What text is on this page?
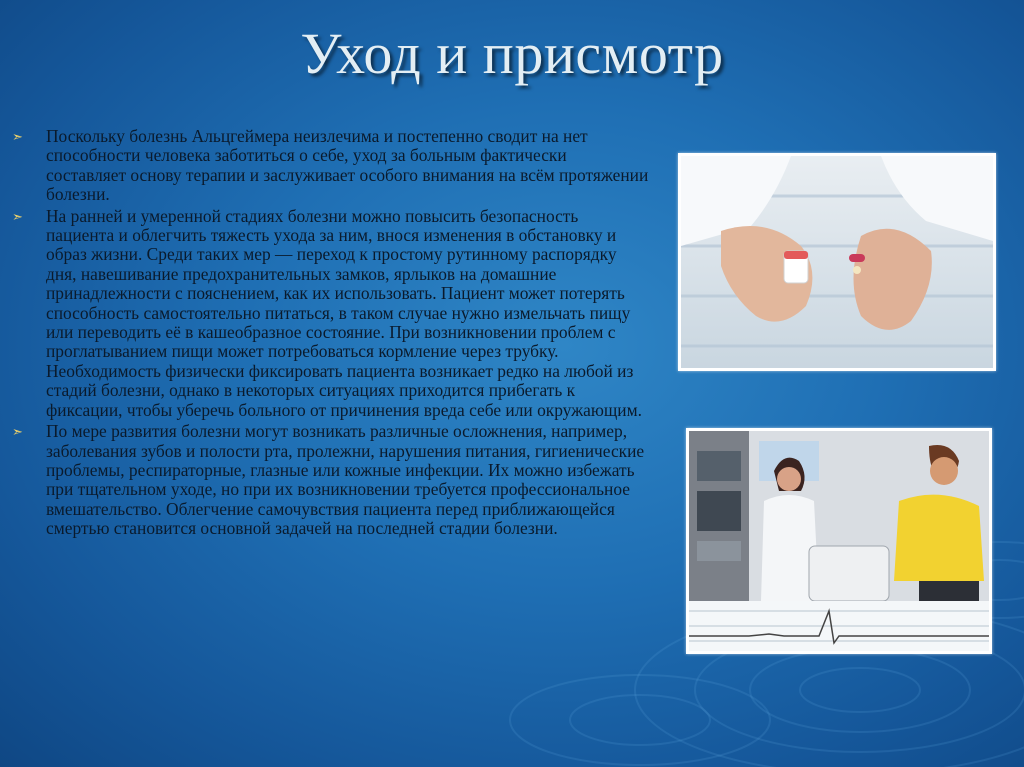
Уход и присмотр
➣ Поскольку болезнь Альцгеймера неизлечима и постепенно сводит на нет способности человека заботиться о себе, уход за больным фактически составляет основу терапии и заслуживает особого внимания на всём протяжении болезни.
➣ На ранней и умеренной стадиях болезни можно повысить безопасность пациента и облегчить тяжесть ухода за ним, внося изменения в обстановку и образ жизни. Среди таких мер — переход к простому рутинному распорядку дня, навешивание предохранительных замков, ярлыков на домашние принадлежности с пояснением, как их использовать. Пациент может потерять способность самостоятельно питаться, в таком случае нужно измельчать пищу или переводить её в кашеобразное состояние. При возникновении проблем с проглатыванием пищи может потребоваться кормление через трубку. Необходимость физически фиксировать пациента возникает редко на любой из стадий болезни, однако в некоторых ситуациях приходится прибегать к фиксации, чтобы уберечь больного от причинения вреда себе или окружающим.
➣ По мере развития болезни могут возникать различные осложнения, например, заболевания зубов и полости рта, пролежни, нарушения питания, гигиенические проблемы, респираторные, глазные или кожные инфекции. Их можно избежать при тщательном уходе, но при их возникновении требуется профессиональное вмешательство. Облегчение самочувствия пациента перед приближающейся смертью становится основной задачей на последней стадии болезни.
